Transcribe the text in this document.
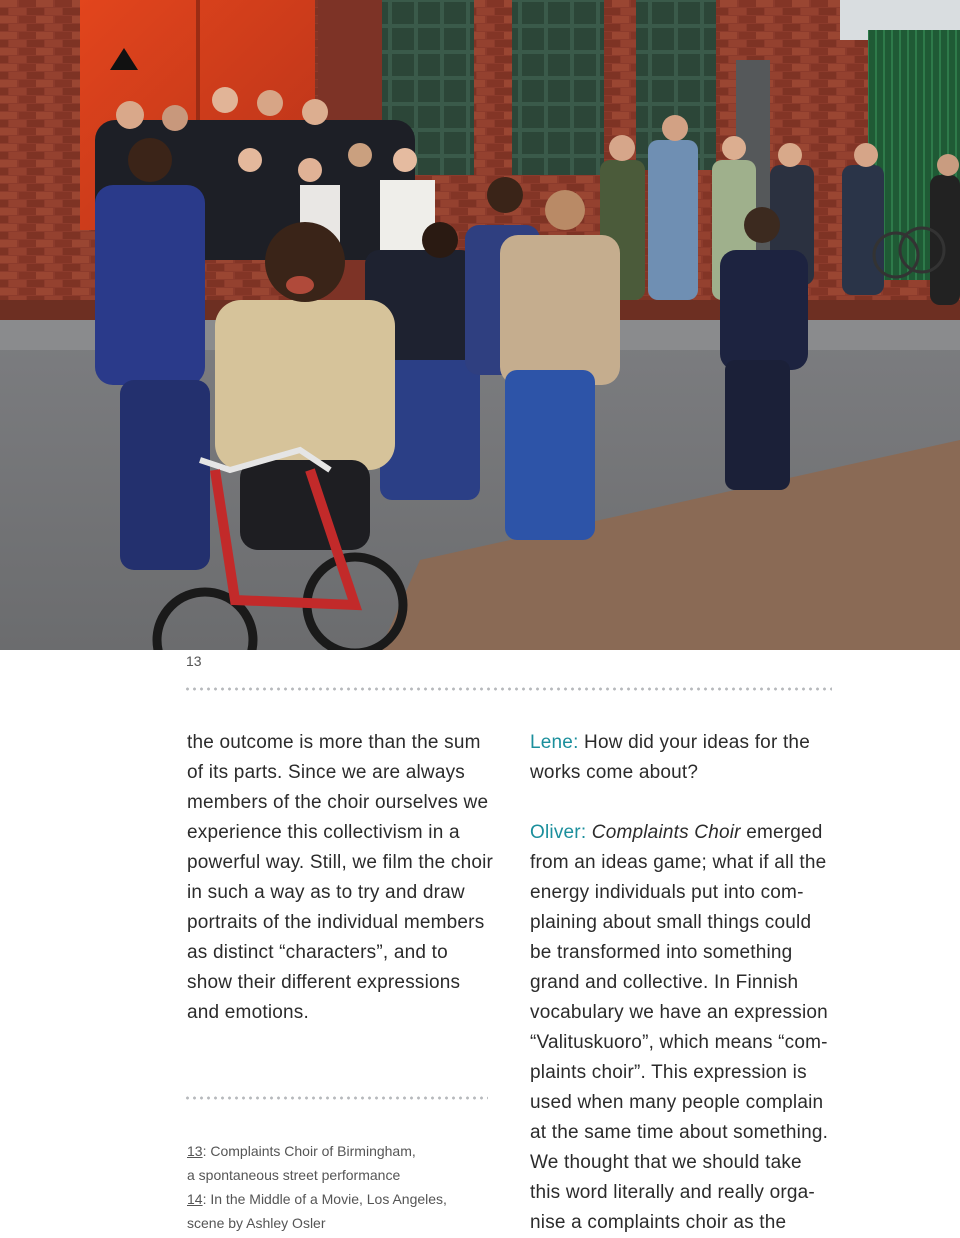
13
the outcome is more than the sum
of its parts. Since we are always
members of the choir ourselves we
experience this collectivism in a
powerful way. Still, we film the choir
in such a way as to try and draw
portraits of the individual members
as distinct “characters”, and to
show their different expressions
and emotions.
Lene: How did your ideas for the
works come about?
Oliver: Complaints Choir emerged
from an ideas game; what if all the
energy individuals put into com-
plaining about small things could
be transformed into something
grand and collective. In Finnish
vocabulary we have an expression
“Valituskuoro”, which means “com-
plaints choir”. This expression is
used when many people complain
at the same time about something.
We thought that we should take
this word literally and really orga-
nise a complaints choir as the
13: Complaints Choir of Birmingham,
a spontaneous street performance
14: In the Middle of a Movie, Los Angeles,
scene by Ashley Osler
